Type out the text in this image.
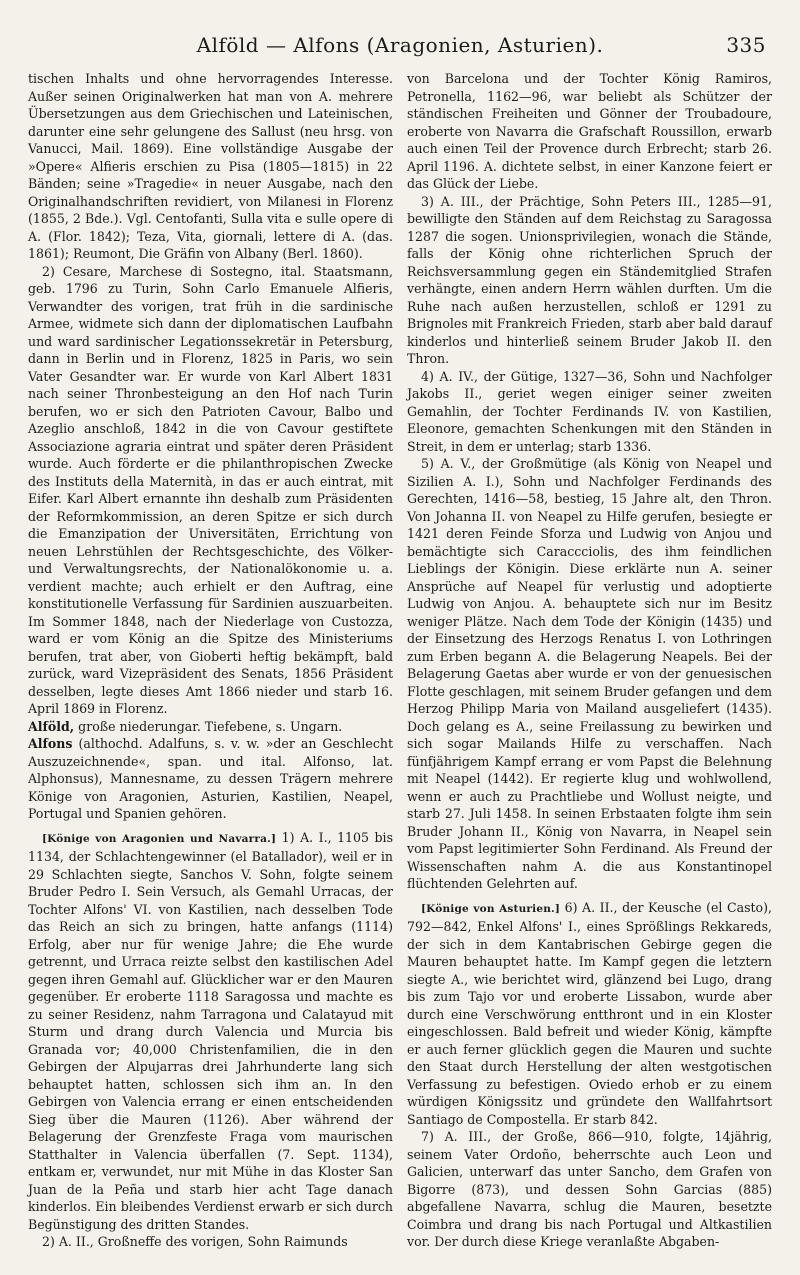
Alföld — Alfons (Aragonien, Asturien).	335

tischen Inhalts und ohne hervorragendes Interesse. Außer seinen Originalwerken hat man von A. mehrere Übersetzungen aus dem Griechischen und Lateinischen, darunter eine sehr gelungene des Sallust (neu hrsg. von Vanucci, Mail. 1869). Eine vollständige Ausgabe der »Opere« Alfieris erschien zu Pisa (1805—1815) in 22 Bänden; seine »Tragedie« in neuer Ausgabe, nach den Originalhandschriften revidiert, von Milanesi in Florenz (1855, 2 Bde.). Vgl. Centofanti, Sulla vita e sulle opere di A. (Flor. 1842); Teza, Vita, giornali, lettere di A. (das. 1861); Reumont, Die Gräfin von Albany (Berl. 1860).

2) Cesare, Marchese di Sostegno, ital. Staatsmann, geb. 1796 zu Turin, Sohn Carlo Emanuele Alfieris, Verwandter des vorigen, trat früh in die sardinische Armee, widmete sich dann der diplomatischen Laufbahn und ward sardinischer Legationssekretär in Petersburg, dann in Berlin und in Florenz, 1825 in Paris, wo sein Vater Gesandter war. Er wurde von Karl Albert 1831 nach seiner Thronbesteigung an den Hof nach Turin berufen, wo er sich den Patrioten Cavour, Balbo und Azeglio anschloß, 1842 in die von Cavour gestiftete Associazione agraria eintrat und später deren Präsident wurde. Auch förderte er die philanthropischen Zwecke des Instituts della Maternità, in das er auch eintrat, mit Eifer. Karl Albert ernannte ihn deshalb zum Präsidenten der Reformkommission, an deren Spitze er sich durch die Emanzipation der Universitäten, Errichtung von neuen Lehrstühlen der Rechtsgeschichte, des Völker- und Verwaltungsrechts, der Nationalökonomie u. a. verdient machte; auch erhielt er den Auftrag, eine konstitutionelle Verfassung für Sardinien auszuarbeiten. Im Sommer 1848, nach der Niederlage von Custozza, ward er vom König an die Spitze des Ministeriums berufen, trat aber, von Gioberti heftig bekämpft, bald zurück, ward Vizepräsident des Senats, 1856 Präsident desselben, legte dieses Amt 1866 nieder und starb 16. April 1869 in Florenz.

Alföld, große niederungar. Tiefebene, s. Ungarn.

Alfons (althochd. Adalfuns, s. v. w. »der an Geschlecht Auszuzeichnende«, span. und ital. Alfonso, lat. Alphonsus), Mannesname, zu dessen Trägern mehrere Könige von Aragonien, Asturien, Kastilien, Neapel, Portugal und Spanien gehören.

[Könige von Aragonien und Navarra.] 1) A. I., 1105 bis 1134, der Schlachtengewinner (el Batallador), weil er in 29 Schlachten siegte, Sanchos V. Sohn, folgte seinem Bruder Pedro I. Sein Versuch, als Gemahl Urracas, der Tochter Alfons' VI. von Kastilien, nach desselben Tode das Reich an sich zu bringen, hatte anfangs (1114) Erfolg, aber nur für wenige Jahre; die Ehe wurde getrennt, und Urraca reizte selbst den kastilischen Adel gegen ihren Gemahl auf. Glücklicher war er den Mauren gegenüber. Er eroberte 1118 Saragossa und machte es zu seiner Residenz, nahm Tarragona und Calatayud mit Sturm und drang durch Valencia und Murcia bis Granada vor; 40,000 Christenfamilien, die in den Gebirgen der Alpujarras drei Jahrhunderte lang sich behauptet hatten, schlossen sich ihm an. In den Gebirgen von Valencia errang er einen entscheidenden Sieg über die Mauren (1126). Aber während der Belagerung der Grenzfeste Fraga vom maurischen Statthalter in Valencia überfallen (7. Sept. 1134), entkam er, verwundet, nur mit Mühe in das Kloster San Juan de la Peña und starb hier acht Tage danach kinderlos. Ein bleibendes Verdienst erwarb er sich durch Begünstigung des dritten Standes.

2) A. II., Großneffe des vorigen, Sohn Raimunds

von Barcelona und der Tochter König Ramiros, Petronella, 1162—96, war beliebt als Schützer der ständischen Freiheiten und Gönner der Troubadoure, eroberte von Navarra die Grafschaft Roussillon, erwarb auch einen Teil der Provence durch Erbrecht; starb 26. April 1196. A. dichtete selbst, in einer Kanzone feiert er das Glück der Liebe.

3) A. III., der Prächtige, Sohn Peters III., 1285—91, bewilligte den Ständen auf dem Reichstag zu Saragossa 1287 die sogen. Unionsprivilegien, wonach die Stände, falls der König ohne richterlichen Spruch der Reichsversammlung gegen ein Ständemitglied Strafen verhängte, einen andern Herrn wählen durften. Um die Ruhe nach außen herzustellen, schloß er 1291 zu Brignoles mit Frankreich Frieden, starb aber bald darauf kinderlos und hinterließ seinem Bruder Jakob II. den Thron.

4) A. IV., der Gütige, 1327—36, Sohn und Nachfolger Jakobs II., geriet wegen einiger seiner zweiten Gemahlin, der Tochter Ferdinands IV. von Kastilien, Eleonore, gemachten Schenkungen mit den Ständen in Streit, in dem er unterlag; starb 1336.

5) A. V., der Großmütige (als König von Neapel und Sizilien A. I.), Sohn und Nachfolger Ferdinands des Gerechten, 1416—58, bestieg, 15 Jahre alt, den Thron. Von Johanna II. von Neapel zu Hilfe gerufen, besiegte er 1421 deren Feinde Sforza und Ludwig von Anjou und bemächtigte sich Caraccciolis, des ihm feindlichen Lieblings der Königin. Diese erklärte nun A. seiner Ansprüche auf Neapel für verlustig und adoptierte Ludwig von Anjou. A. behauptete sich nur im Besitz weniger Plätze. Nach dem Tode der Königin (1435) und der Einsetzung des Herzogs Renatus I. von Lothringen zum Erben begann A. die Belagerung Neapels. Bei der Belagerung Gaetas aber wurde er von der genuesischen Flotte geschlagen, mit seinem Bruder gefangen und dem Herzog Philipp Maria von Mailand ausgeliefert (1435). Doch gelang es A., seine Freilassung zu bewirken und sich sogar Mailands Hilfe zu verschaffen. Nach fünfjährigem Kampf errang er vom Papst die Belehnung mit Neapel (1442). Er regierte klug und wohlwollend, wenn er auch zu Prachtliebe und Wollust neigte, und starb 27. Juli 1458. In seinen Erbstaaten folgte ihm sein Bruder Johann II., König von Navarra, in Neapel sein vom Papst legitimierter Sohn Ferdinand. Als Freund der Wissenschaften nahm A. die aus Konstantinopel flüchtenden Gelehrten auf.

[Könige von Asturien.] 6) A. II., der Keusche (el Casto), 792—842, Enkel Alfons' I., eines Sprößlings Rekkareds, der sich in dem Kantabrischen Gebirge gegen die Mauren behauptet hatte. Im Kampf gegen die letztern siegte A., wie berichtet wird, glänzend bei Lugo, drang bis zum Tajo vor und eroberte Lissabon, wurde aber durch eine Verschwörung entthront und in ein Kloster eingeschlossen. Bald befreit und wieder König, kämpfte er auch ferner glücklich gegen die Mauren und suchte den Staat durch Herstellung der alten westgotischen Verfassung zu befestigen. Oviedo erhob er zu einem würdigen Königssitz und gründete den Wallfahrtsort Santiago de Compostella. Er starb 842.

7) A. III., der Große, 866—910, folgte, 14jährig, seinem Vater Ordoño, beherrschte auch Leon und Galicien, unterwarf das unter Sancho, dem Grafen von Bigorre (873), und dessen Sohn Garcias (885) abgefallene Navarra, schlug die Mauren, besetzte Coimbra und drang bis nach Portugal und Altkastilien vor. Der durch diese Kriege veranlaßte Abgaben-
